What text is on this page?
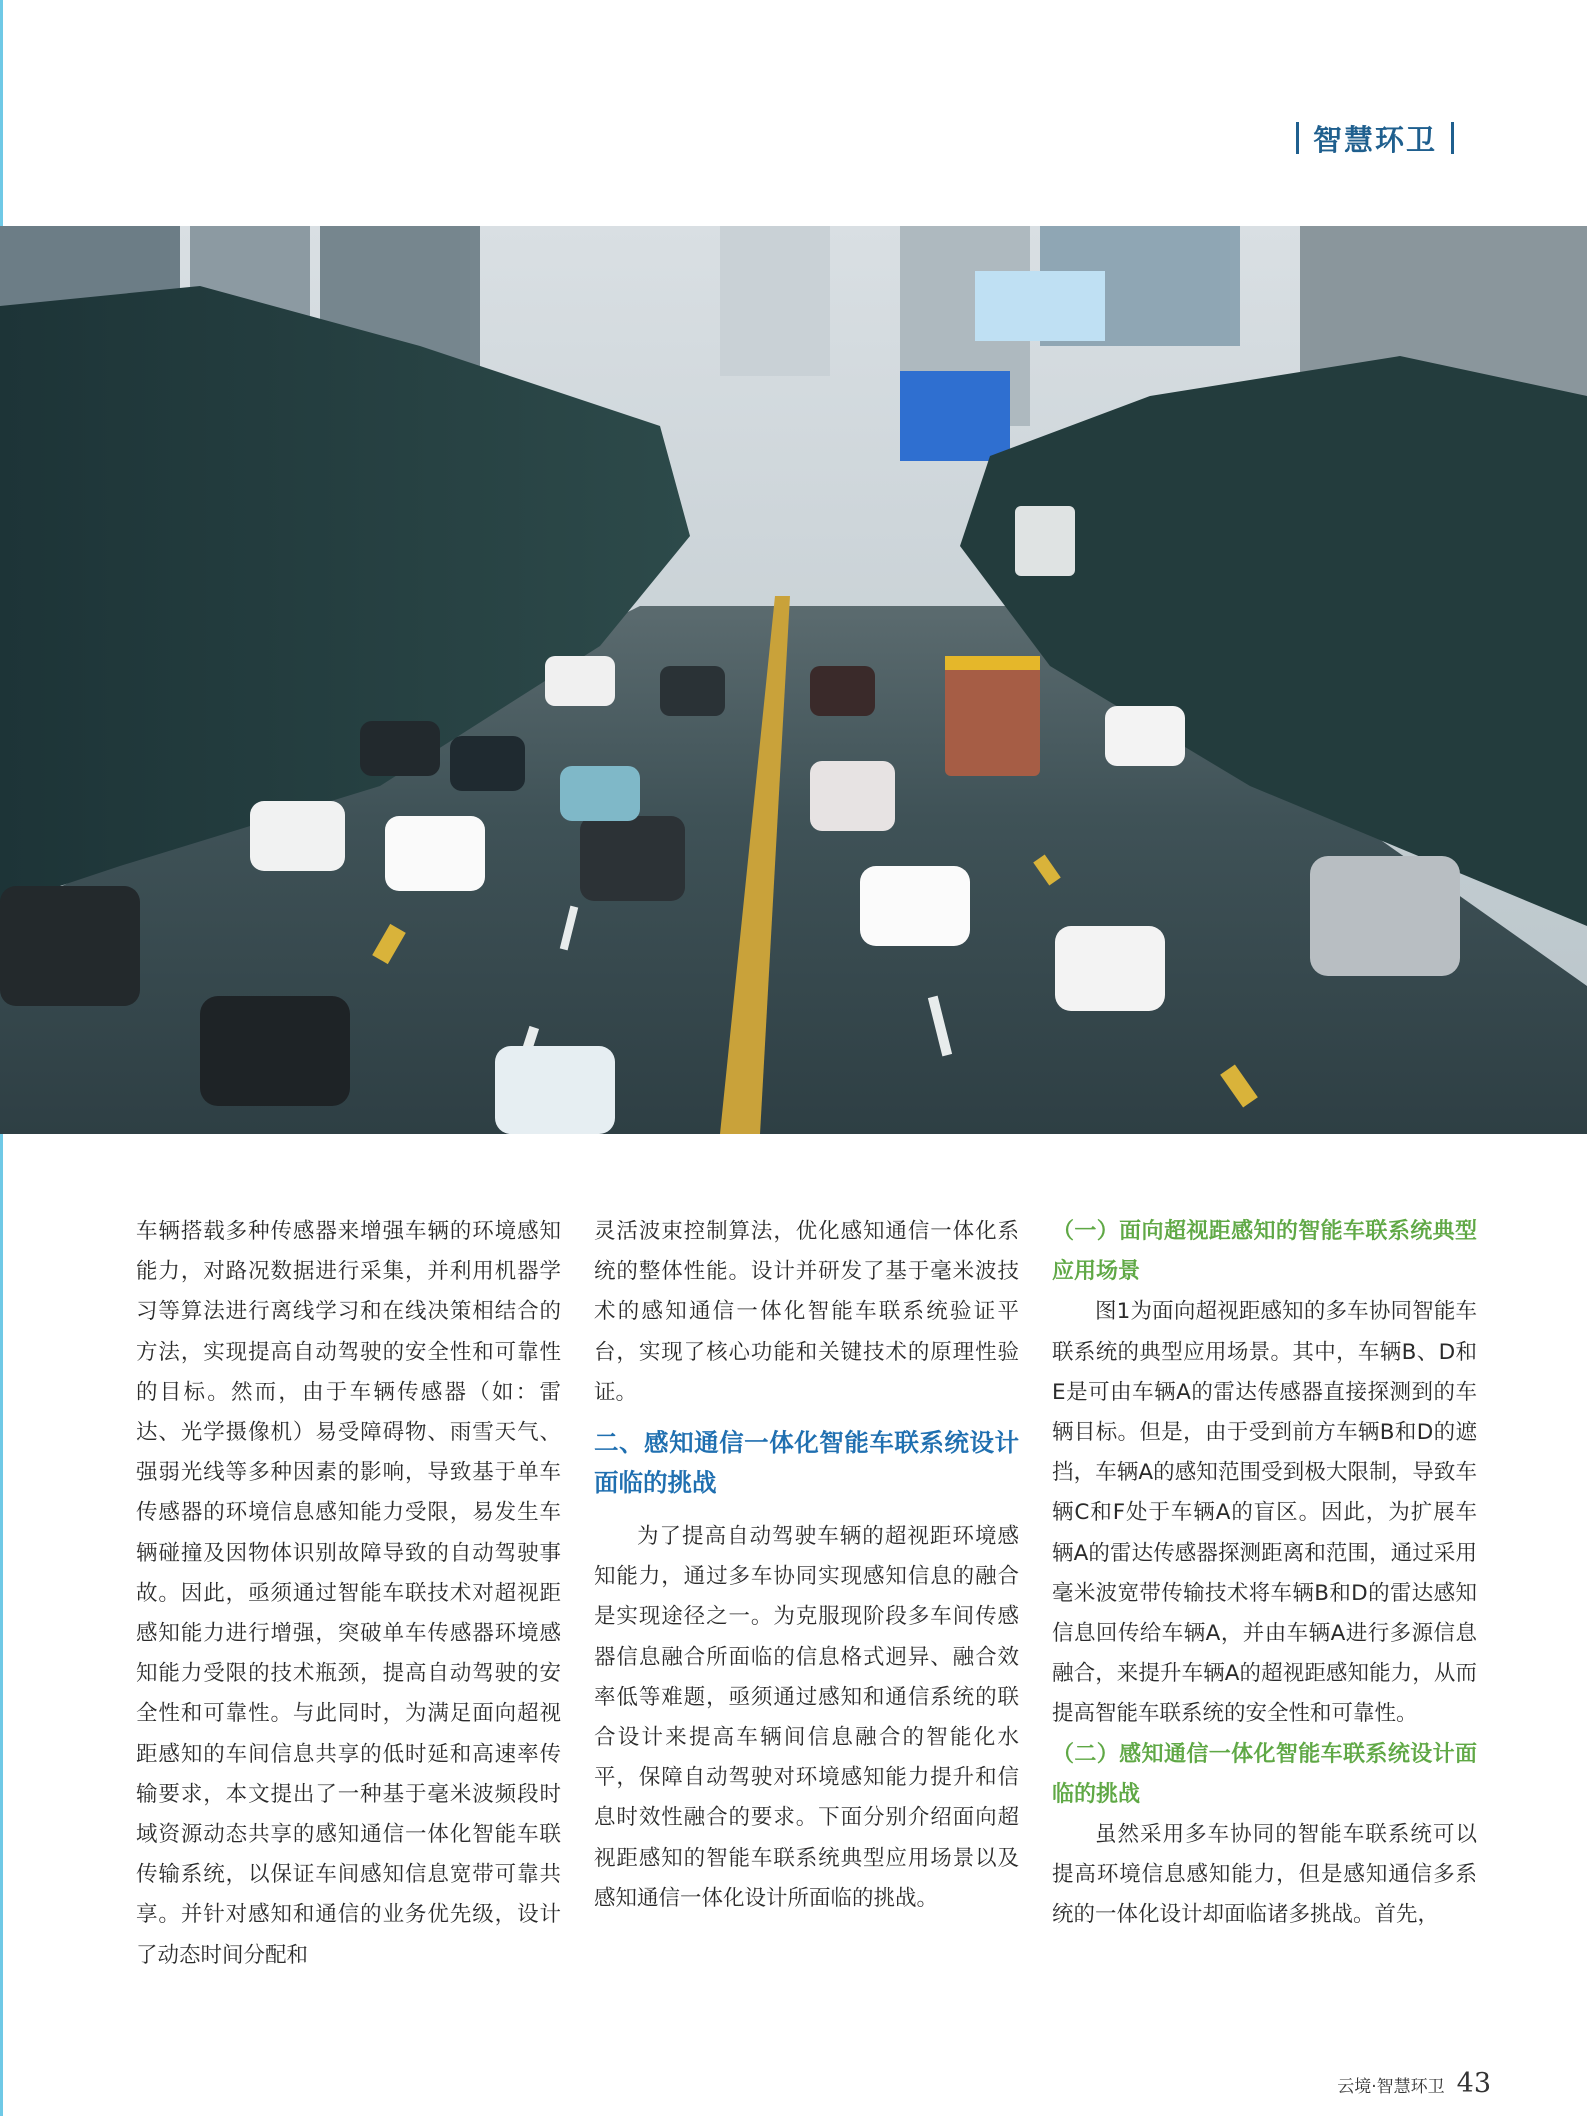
智慧环卫

车辆搭载多种传感器来增强车辆的环境感知能力，对路况数据进行采集，并利用机器学习等算法进行离线学习和在线决策相结合的方法，实现提高自动驾驶的安全性和可靠性的目标。然而，由于车辆传感器（如：雷达、光学摄像机）易受障碍物、雨雪天气、强弱光线等多种因素的影响，导致基于单车传感器的环境信息感知能力受限，易发生车辆碰撞及因物体识别故障导致的自动驾驶事故。因此，亟须通过智能车联技术对超视距感知能力进行增强，突破单车传感器环境感知能力受限的技术瓶颈，提高自动驾驶的安全性和可靠性。与此同时，为满足面向超视距感知的车间信息共享的低时延和高速率传输要求，本文提出了一种基于毫米波频段时域资源动态共享的感知通信一体化智能车联传输系统，以保证车间感知信息宽带可靠共享。并针对感知和通信的业务优先级，设计了动态时间分配和

灵活波束控制算法，优化感知通信一体化系统的整体性能。设计并研发了基于毫米波技术的感知通信一体化智能车联系统验证平台，实现了核心功能和关键技术的原理性验证。

二、感知通信一体化智能车联系统设计面临的挑战

为了提高自动驾驶车辆的超视距环境感知能力，通过多车协同实现感知信息的融合是实现途径之一。为克服现阶段多车间传感器信息融合所面临的信息格式迥异、融合效率低等难题，亟须通过感知和通信系统的联合设计来提高车辆间信息融合的智能化水平，保障自动驾驶对环境感知能力提升和信息时效性融合的要求。下面分别介绍面向超视距感知的智能车联系统典型应用场景以及感知通信一体化设计所面临的挑战。

（一）面向超视距感知的智能车联系统典型应用场景

图1为面向超视距感知的多车协同智能车联系统的典型应用场景。其中，车辆B、D和E是可由车辆A的雷达传感器直接探测到的车辆目标。但是，由于受到前方车辆B和D的遮挡，车辆A的感知范围受到极大限制，导致车辆C和F处于车辆A的盲区。因此，为扩展车辆A的雷达传感器探测距离和范围，通过采用毫米波宽带传输技术将车辆B和D的雷达感知信息回传给车辆A，并由车辆A进行多源信息融合，来提升车辆A的超视距感知能力，从而提高智能车联系统的安全性和可靠性。

（二）感知通信一体化智能车联系统设计面临的挑战

虽然采用多车协同的智能车联系统可以提高环境信息感知能力，但是感知通信多系统的一体化设计却面临诸多挑战。首先，

云境·智慧环卫 43
